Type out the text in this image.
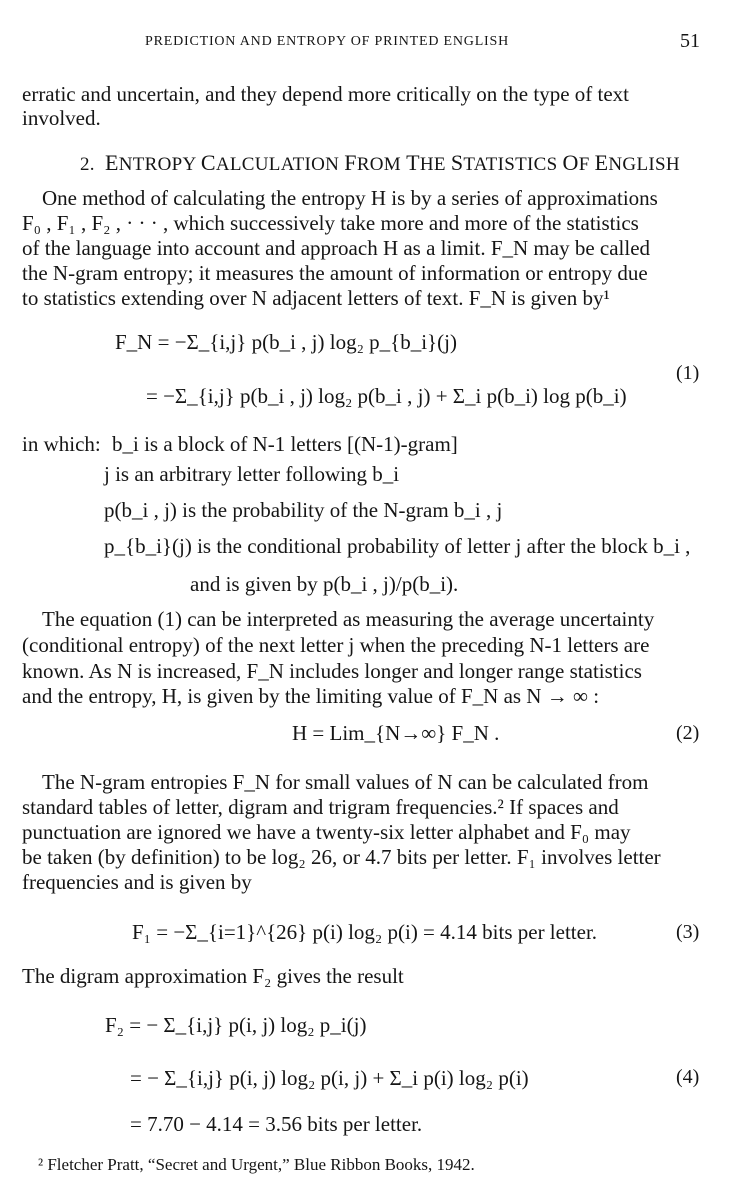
PREDICTION AND ENTROPY OF PRINTED ENGLISH	51
erratic and uncertain, and they depend more critically on the type of text
involved.
2. ENTROPY CALCULATION FROM THE STATISTICS OF ENGLISH
One method of calculating the entropy H is by a series of approximations
F₀ , F₁ , F₂ , · · · , which successively take more and more of the statistics
of the language into account and approach H as a limit. F_N may be called
the N-gram entropy; it measures the amount of information or entropy due
to statistics extending over N adjacent letters of text. F_N is given by¹
F_N = −Σ_{i,j} p(b_i , j) log₂ p_{b_i}(j)
= −Σ_{i,j} p(b_i , j) log₂ p(b_i , j) + Σ_i p(b_i) log p(b_i)
(1)
in which: b_i is a block of N-1 letters [(N-1)-gram]
j is an arbitrary letter following b_i
p(b_i , j) is the probability of the N-gram b_i , j
p_{b_i}(j) is the conditional probability of letter j after the block b_i ,
and is given by p(b_i , j)/p(b_i).
The equation (1) can be interpreted as measuring the average uncertainty
(conditional entropy) of the next letter j when the preceding N-1 letters are
known. As N is increased, F_N includes longer and longer range statistics
and the entropy, H, is given by the limiting value of F_N as N → ∞ :
H = Lim_{N→∞} F_N .	(2)
The N-gram entropies F_N for small values of N can be calculated from
standard tables of letter, digram and trigram frequencies.² If spaces and
punctuation are ignored we have a twenty-six letter alphabet and F₀ may
be taken (by definition) to be log₂ 26, or 4.7 bits per letter. F₁ involves letter
frequencies and is given by
F₁ = −Σ_{i=1}^{26} p(i) log₂ p(i) = 4.14 bits per letter.	(3)
The digram approximation F₂ gives the result
F₂ = − Σ_{i,j} p(i, j) log₂ p_i(j)
= − Σ_{i,j} p(i, j) log₂ p(i, j) + Σ_i p(i) log₂ p(i)
= 7.70 − 4.14 = 3.56 bits per letter.
(4)
² Fletcher Pratt, “Secret and Urgent,” Blue Ribbon Books, 1942.
